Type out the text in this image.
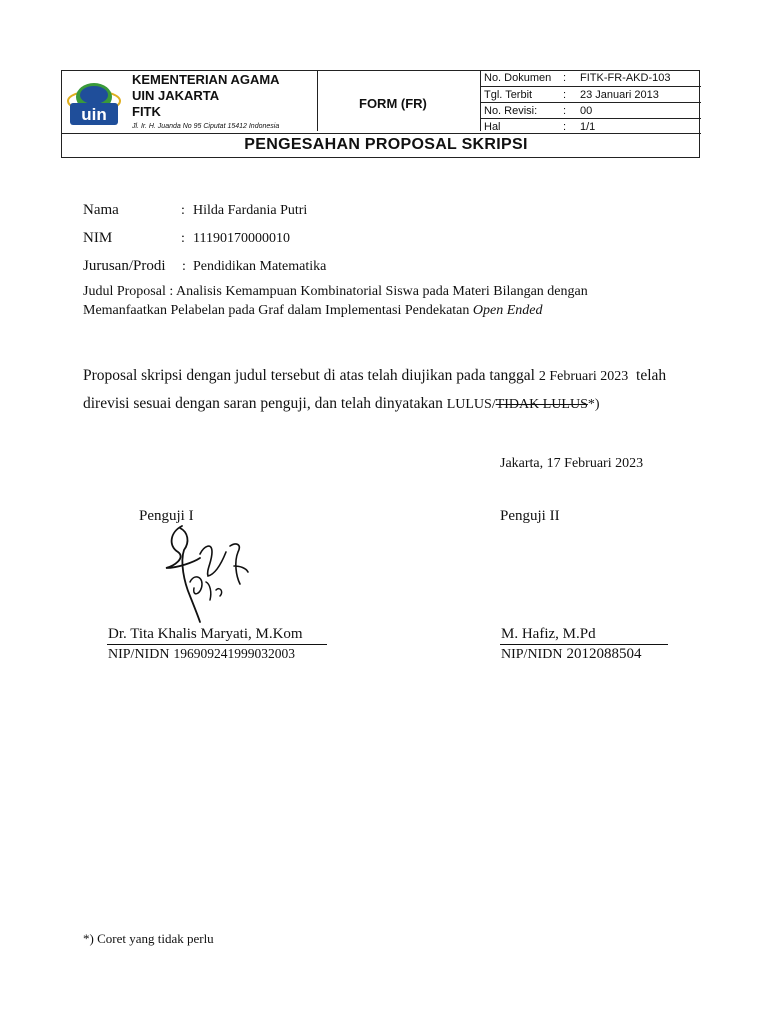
uin
KEMENTERIAN AGAMA
UIN JAKARTA
FITK
Jl. Ir. H. Juanda No 95 Ciputat 15412 Indonesia
FORM (FR)
No. Dokumen : FITK-FR-AKD-103
Tgl. Terbit	: 23 Januari 2013
No. Revisi: : 00
Hal	: 1/1
PENGESAHAN PROPOSAL SKRIPSI
Nama	: Hilda Fardania Putri
NIM	: 11190170000010
Jurusan/Prodi : Pendidikan Matematika
Judul Proposal : Analisis Kemampuan Kombinatorial Siswa pada Materi Bilangan dengan
Memanfaatkan Pelabelan pada Graf dalam Implementasi Pendekatan Open Ended
Proposal skripsi dengan judul tersebut di atas telah diujikan pada tanggal 2 Februari 2023 telah
direvisi sesuai dengan saran penguji, dan telah dinyatakan LULUS/TIDAK LULUS*)
Jakarta, 17 Februari 2023
Penguji I	Penguji II
Dr. Tita Khalis Maryati, M.Kom
NIP/NIDN 196909241999032003
M. Hafiz, M.Pd
NIP/NIDN 2012088504
*) Coret yang tidak perlu
